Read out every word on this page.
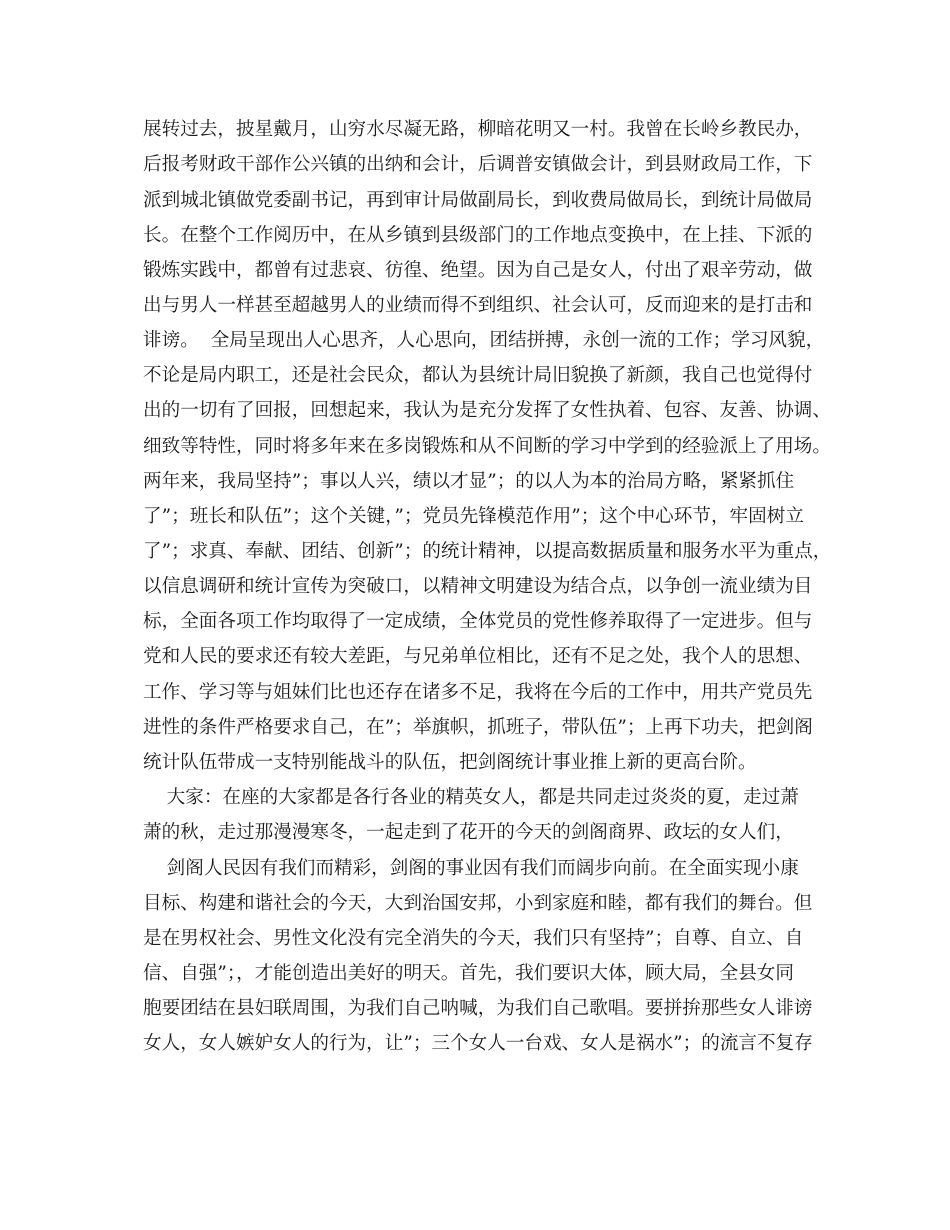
展转过去，披星戴月，山穷水尽凝无路，柳暗花明又一村。我曾在长岭乡教民办，
后报考财政干部作公兴镇的出纳和会计，后调普安镇做会计，到县财政局工作，下
派到城北镇做党委副书记，再到审计局做副局长，到收费局做局长，到统计局做局
长。在整个工作阅历中，在从乡镇到县级部门的工作地点变换中，在上挂、下派的
锻炼实践中，都曾有过悲哀、彷徨、绝望。因为自己是女人，付出了艰辛劳动，做
出与男人一样甚至超越男人的业绩而得不到组织、社会认可，反而迎来的是打击和
诽谤。  全局呈现出人心思齐，人心思向，团结拼搏，永创一流的工作；学习风貌，
不论是局内职工，还是社会民众，都认为县统计局旧貌换了新颜，我自己也觉得付
出的一切有了回报，回想起来，我认为是充分发挥了女性执着、包容、友善、协调、
细致等特性，同时将多年来在多岗锻炼和从不间断的学习中学到的经验派上了用场。
两年来，我局坚持”；事以人兴，绩以才显”；的以人为本的治局方略，紧紧抓住
了”；班长和队伍”；这个关键，”；党员先锋模范作用”；这个中心环节，牢固树立
了”；求真、奉献、团结、创新”；的统计精神，以提高数据质量和服务水平为重点，
以信息调研和统计宣传为突破口，以精神文明建设为结合点，以争创一流业绩为目
标，全面各项工作均取得了一定成绩，全体党员的党性修养取得了一定进步。但与
党和人民的要求还有较大差距，与兄弟单位相比，还有不足之处，我个人的思想、
工作、学习等与姐妹们比也还存在诸多不足，我将在今后的工作中，用共产党员先
进性的条件严格要求自己，在”；举旗帜，抓班子，带队伍”；上再下功夫，把剑阁
统计队伍带成一支特别能战斗的队伍，把剑阁统计事业推上新的更高台阶。
大家：在座的大家都是各行各业的精英女人，都是共同走过炎炎的夏，走过萧
萧的秋，走过那漫漫寒冬，一起走到了花开的今天的剑阁商界、政坛的女人们，
剑阁人民因有我们而精彩，剑阁的事业因有我们而阔步向前。在全面实现小康
目标、构建和谐社会的今天，大到治国安邦，小到家庭和睦，都有我们的舞台。但
是在男权社会、男性文化没有完全消失的今天，我们只有坚持”；自尊、自立、自
信、自强”；，才能创造出美好的明天。首先，我们要识大体，顾大局，全县女同
胞要团结在县妇联周围，为我们自己呐喊，为我们自己歌唱。要拼拚那些女人诽谤
女人，女人嫉妒女人的行为，让”；三个女人一台戏、女人是祸水”；的流言不复存
